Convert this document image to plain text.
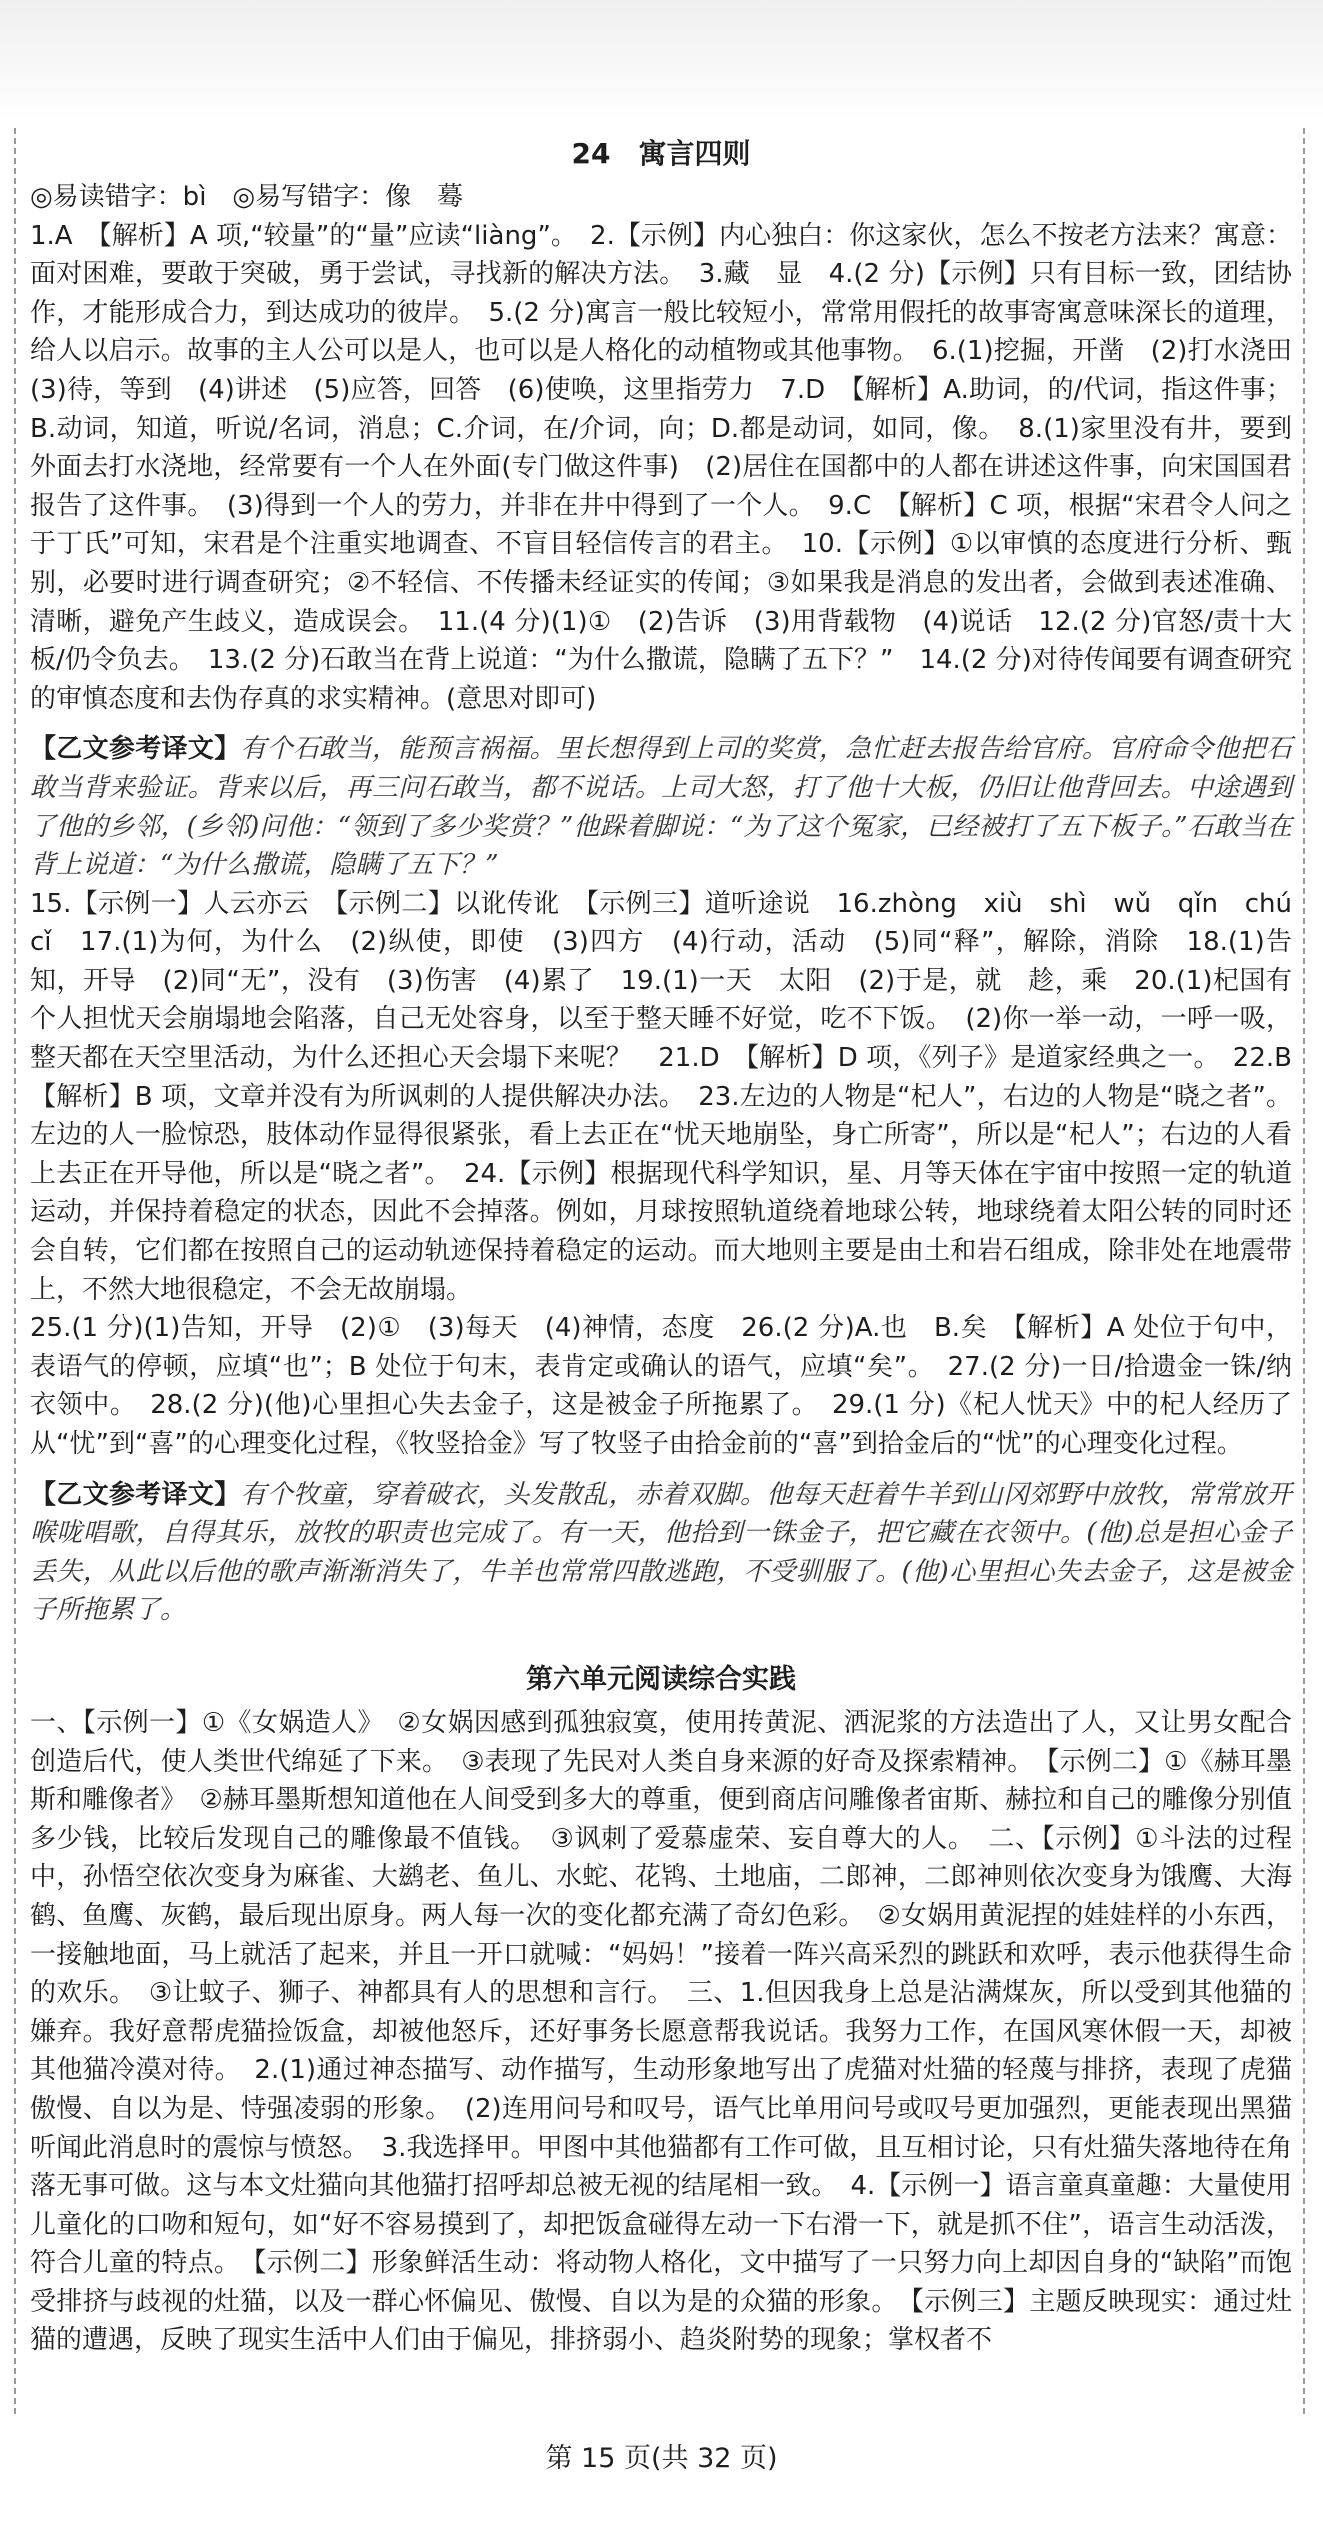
24　寓言四则

◎易读错字：bì　◎易写错字：像　蓦

1.A　【解析】A 项,“较量”的“量”应读“liàng”。　2.【示例】内心独白：你这家伙，怎么不按老方法来？寓意：面对困难，要敢于突破，勇于尝试，寻找新的解决方法。　3.藏　显　4.(2 分)【示例】只有目标一致，团结协作，才能形成合力，到达成功的彼岸。　5.(2 分)寓言一般比较短小，常常用假托的故事寄寓意味深长的道理，给人以启示。故事的主人公可以是人，也可以是人格化的动植物或其他事物。　6.(1)挖掘，开凿　(2)打水浇田　(3)待，等到　(4)讲述　(5)应答，回答　(6)使唤，这里指劳力　7.D　【解析】A.助词，的/代词，指这件事；B.动词，知道，听说/名词，消息；C.介词，在/介词，向；D.都是动词，如同，像。　8.(1)家里没有井，要到外面去打水浇地，经常要有一个人在外面(专门做这件事)　(2)居住在国都中的人都在讲述这件事，向宋国国君报告了这件事。　(3)得到一个人的劳力，并非在井中得到了一个人。　9.C　【解析】C 项，根据“宋君令人问之于丁氏”可知，宋君是个注重实地调查、不盲目轻信传言的君主。　10.【示例】①以审慎的态度进行分析、甄别，必要时进行调查研究；②不轻信、不传播未经证实的传闻；③如果我是消息的发出者，会做到表述准确、清晰，避免产生歧义，造成误会。　11.(4 分)(1)①　(2)告诉　(3)用背载物　(4)说话　12.(2 分)官怒/责十大板/仍令负去。　13.(2 分)石敢当在背上说道：“为什么撒谎，隐瞒了五下？”　14.(2 分)对待传闻要有调查研究的审慎态度和去伪存真的求实精神。(意思对即可)

【乙文参考译文】有个石敢当，能预言祸福。里长想得到上司的奖赏，急忙赶去报告给官府。官府命令他把石敢当背来验证。背来以后，再三问石敢当，都不说话。上司大怒，打了他十大板，仍旧让他背回去。中途遇到了他的乡邻，(乡邻)问他：“领到了多少奖赏？”他跺着脚说：“为了这个冤家，已经被打了五下板子。”石敢当在背上说道：“为什么撒谎，隐瞒了五下？”

15.【示例一】人云亦云　【示例二】以讹传讹　【示例三】道听途说　16.zhòng　xiù　shì　wǔ　qǐn　chú　cǐ　17.(1)为何，为什么　(2)纵使，即使　(3)四方　(4)行动，活动　(5)同“释”，解除，消除　18.(1)告知，开导　(2)同“无”，没有　(3)伤害　(4)累了　19.(1)一天　太阳　(2)于是，就　趁，乘　20.(1)杞国有个人担忧天会崩塌地会陷落，自己无处容身，以至于整天睡不好觉，吃不下饭。　(2)你一举一动，一呼一吸，整天都在天空里活动，为什么还担心天会塌下来呢？　21.D　【解析】D 项，《列子》是道家经典之一。　22.B　【解析】B 项，文章并没有为所讽刺的人提供解决办法。　23.左边的人物是“杞人”，右边的人物是“晓之者”。左边的人一脸惊恐，肢体动作显得很紧张，看上去正在“忧天地崩坠，身亡所寄”，所以是“杞人”；右边的人看上去正在开导他，所以是“晓之者”。　24.【示例】根据现代科学知识，星、月等天体在宇宙中按照一定的轨道运动，并保持着稳定的状态，因此不会掉落。例如，月球按照轨道绕着地球公转，地球绕着太阳公转的同时还会自转，它们都在按照自己的运动轨迹保持着稳定的运动。而大地则主要是由土和岩石组成，除非处在地震带上，不然大地很稳定，不会无故崩塌。

25.(1 分)(1)告知，开导　(2)①　(3)每天　(4)神情，态度　26.(2 分)A.也　B.矣　【解析】A 处位于句中，表语气的停顿，应填“也”；B 处位于句末，表肯定或确认的语气，应填“矣”。　27.(2 分)一日/拾遗金一铢/纳衣领中。　28.(2 分)(他)心里担心失去金子，这是被金子所拖累了。　29.(1 分)《杞人忧天》中的杞人经历了从“忧”到“喜”的心理变化过程，《牧竖拾金》写了牧竖子由拾金前的“喜”到拾金后的“忧”的心理变化过程。

【乙文参考译文】有个牧童，穿着破衣，头发散乱，赤着双脚。他每天赶着牛羊到山冈郊野中放牧，常常放开喉咙唱歌，自得其乐，放牧的职责也完成了。有一天，他拾到一铢金子，把它藏在衣领中。(他)总是担心金子丢失，从此以后他的歌声渐渐消失了，牛羊也常常四散逃跑，不受驯服了。(他)心里担心失去金子，这是被金子所拖累了。

第六单元阅读综合实践

一、【示例一】①《女娲造人》　②女娲因感到孤独寂寞，使用抟黄泥、洒泥浆的方法造出了人，又让男女配合创造后代，使人类世代绵延了下来。　③表现了先民对人类自身来源的好奇及探索精神。　【示例二】①《赫耳墨斯和雕像者》　②赫耳墨斯想知道他在人间受到多大的尊重，便到商店问雕像者宙斯、赫拉和自己的雕像分别值多少钱，比较后发现自己的雕像最不值钱。　③讽刺了爱慕虚荣、妄自尊大的人。　二、【示例】①斗法的过程中，孙悟空依次变身为麻雀、大鹚老、鱼儿、水蛇、花鸨、土地庙，二郎神，二郎神则依次变身为饿鹰、大海鹤、鱼鹰、灰鹤，最后现出原身。两人每一次的变化都充满了奇幻色彩。　②女娲用黄泥捏的娃娃样的小东西，一接触地面，马上就活了起来，并且一开口就喊：“妈妈！”接着一阵兴高采烈的跳跃和欢呼，表示他获得生命的欢乐。　③让蚊子、狮子、神都具有人的思想和言行。　三、1.但因我身上总是沾满煤灰，所以受到其他猫的嫌弃。我好意帮虎猫捡饭盒，却被他怒斥，还好事务长愿意帮我说话。我努力工作，在国风寒休假一天，却被其他猫冷漠对待。　2.(1)通过神态描写、动作描写，生动形象地写出了虎猫对灶猫的轻蔑与排挤，表现了虎猫傲慢、自以为是、恃强凌弱的形象。　(2)连用问号和叹号，语气比单用问号或叹号更加强烈，更能表现出黑猫听闻此消息时的震惊与愤怒。　3.我选择甲。甲图中其他猫都有工作可做，且互相讨论，只有灶猫失落地待在角落无事可做。这与本文灶猫向其他猫打招呼却总被无视的结尾相一致。　4.【示例一】语言童真童趣：大量使用儿童化的口吻和短句，如“好不容易摸到了，却把饭盒碰得左动一下右滑一下，就是抓不住”，语言生动活泼，符合儿童的特点。　【示例二】形象鲜活生动：将动物人格化，文中描写了一只努力向上却因自身的“缺陷”而饱受排挤与歧视的灶猫，以及一群心怀偏见、傲慢、自以为是的众猫的形象。　【示例三】主题反映现实：通过灶猫的遭遇，反映了现实生活中人们由于偏见，排挤弱小、趋炎附势的现象；掌权者不

第 15 页(共 32 页)
